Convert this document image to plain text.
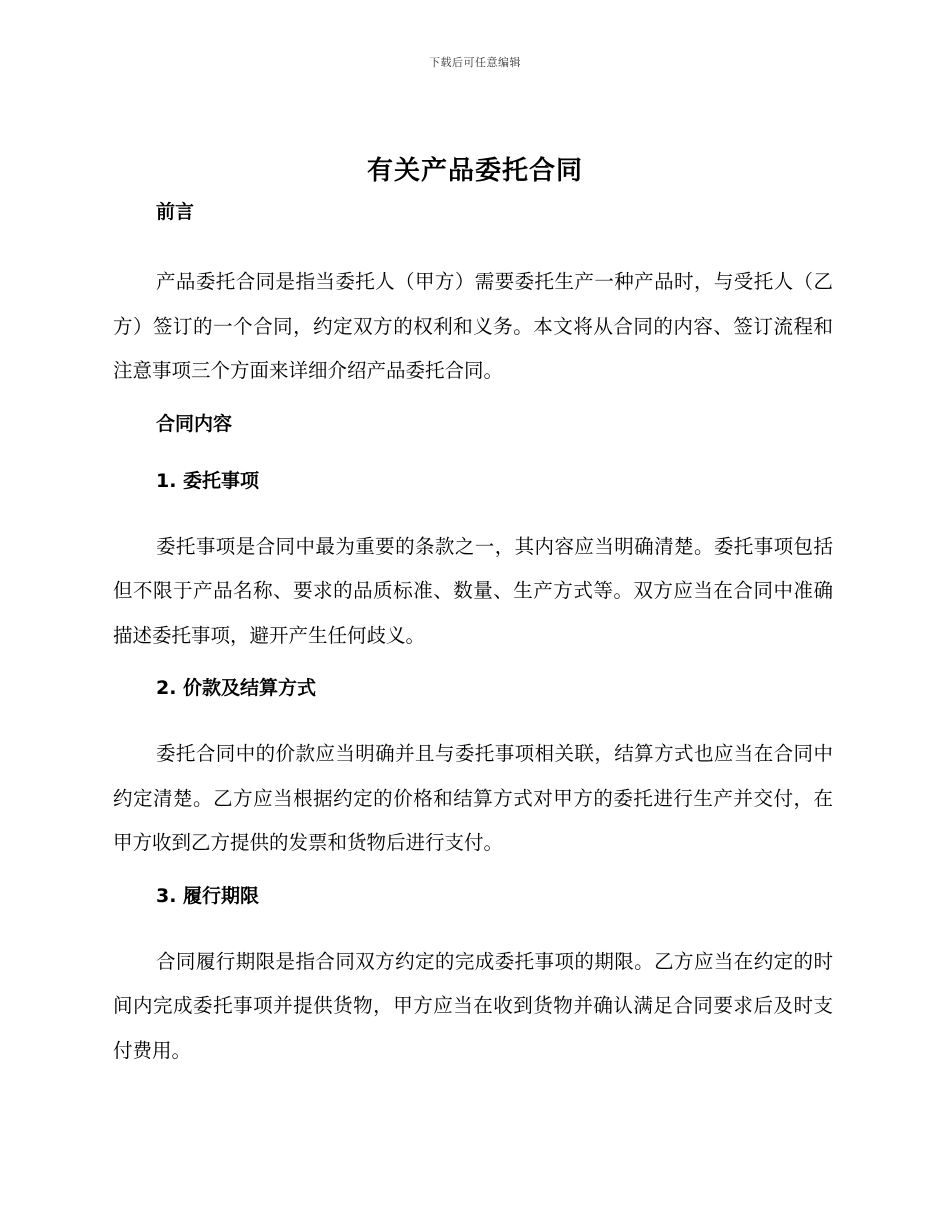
下载后可任意编辑
有关产品委托合同

前言

产品委托合同是指当委托人（甲方）需要委托生产一种产品时，与受托人（乙方）签订的一个合同，约定双方的权利和义务。本文将从合同的内容、签订流程和注意事项三个方面来详细介绍产品委托合同。

合同内容

1. 委托事项

委托事项是合同中最为重要的条款之一，其内容应当明确清楚。委托事项包括但不限于产品名称、要求的品质标准、数量、生产方式等。双方应当在合同中准确描述委托事项，避开产生任何歧义。

2. 价款及结算方式

委托合同中的价款应当明确并且与委托事项相关联，结算方式也应当在合同中约定清楚。乙方应当根据约定的价格和结算方式对甲方的委托进行生产并交付，在甲方收到乙方提供的发票和货物后进行支付。

3. 履行期限

合同履行期限是指合同双方约定的完成委托事项的期限。乙方应当在约定的时间内完成委托事项并提供货物，甲方应当在收到货物并确认满足合同要求后及时支付费用。
